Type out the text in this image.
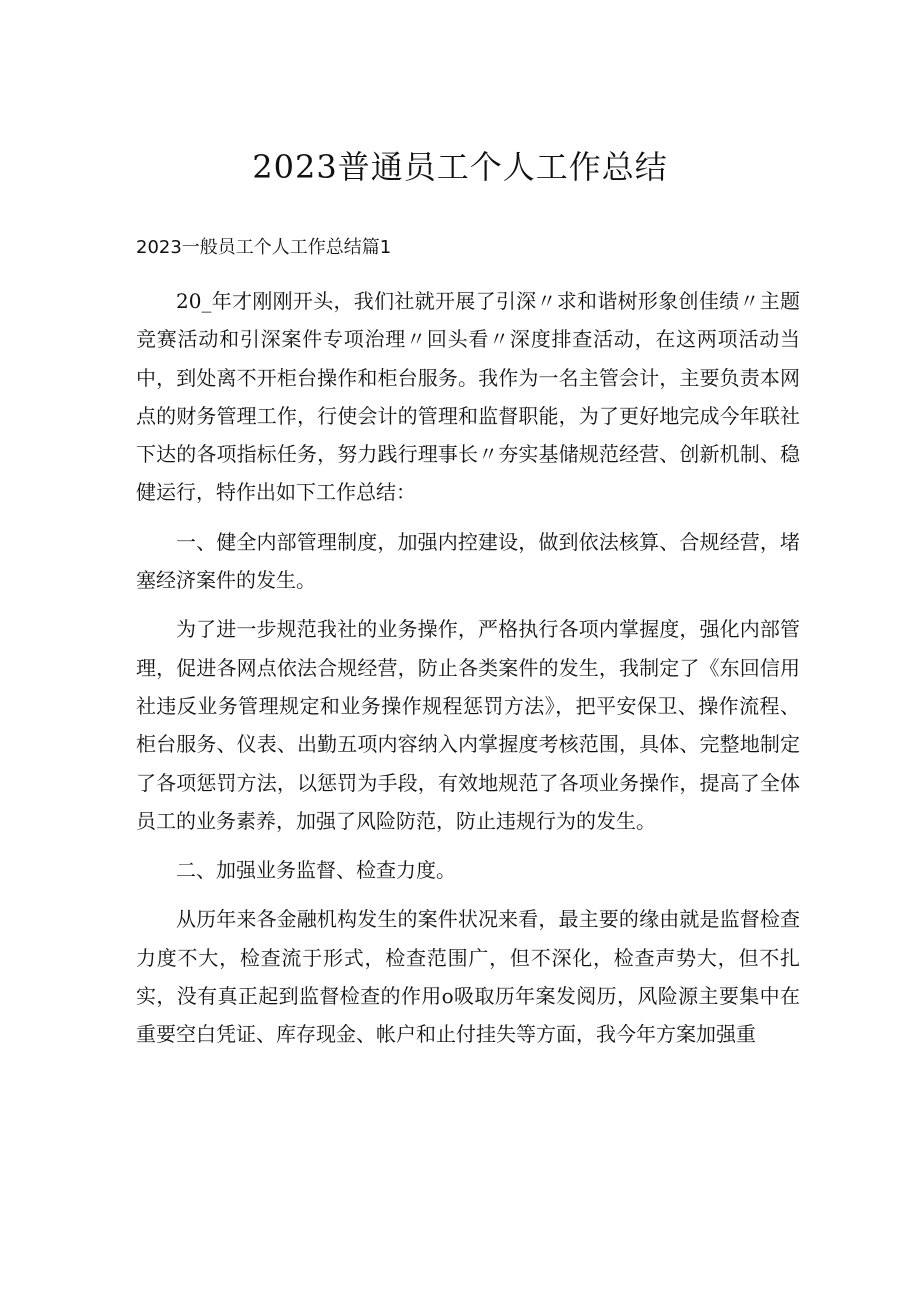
2023普通员工个人工作总结
2023一般员工个人工作总结篇1

20_年才刚刚开头，我们社就开展了引深〃求和谐树形象创佳绩〃主题竞赛活动和引深案件专项治理〃回头看〃深度排查活动，在这两项活动当中，到处离不开柜台操作和柜台服务。我作为一名主管会计，主要负责本网点的财务管理工作，行使会计的管理和监督职能，为了更好地完成今年联社下达的各项指标任务，努力践行理事长〃夯实基储规范经营、创新机制、稳健运行，特作出如下工作总结：

一、健全内部管理制度，加强内控建设，做到依法核算、合规经营，堵塞经济案件的发生。

为了进一步规范我社的业务操作，严格执行各项内掌握度，强化内部管理，促进各网点依法合规经营，防止各类案件的发生，我制定了《东回信用社违反业务管理规定和业务操作规程惩罚方法》，把平安保卫、操作流程、柜台服务、仪表、出勤五项内容纳入内掌握度考核范围，具体、完整地制定了各项惩罚方法，以惩罚为手段，有效地规范了各项业务操作，提高了全体员工的业务素养，加强了风险防范，防止违规行为的发生。

二、加强业务监督、检查力度。

从历年来各金融机构发生的案件状况来看，最主要的缘由就是监督检查力度不大，检查流于形式，检查范围广，但不深化，检查声势大，但不扎实，没有真正起到监督检查的作用o吸取历年案发阅历，风险源主要集中在重要空白凭证、库存现金、帐户和止付挂失等方面，我今年方案加强重
